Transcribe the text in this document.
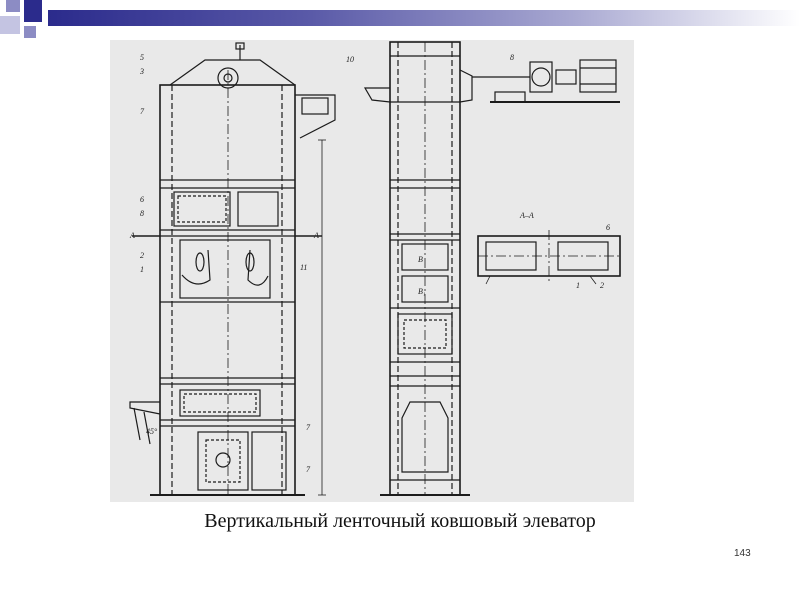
5
3
7
6
8
A	A
2
1	11
45°	7
7
10	8
А–А
6
1	2
B
B₁
Вертикальный ленточный ковшовый элеватор
143
